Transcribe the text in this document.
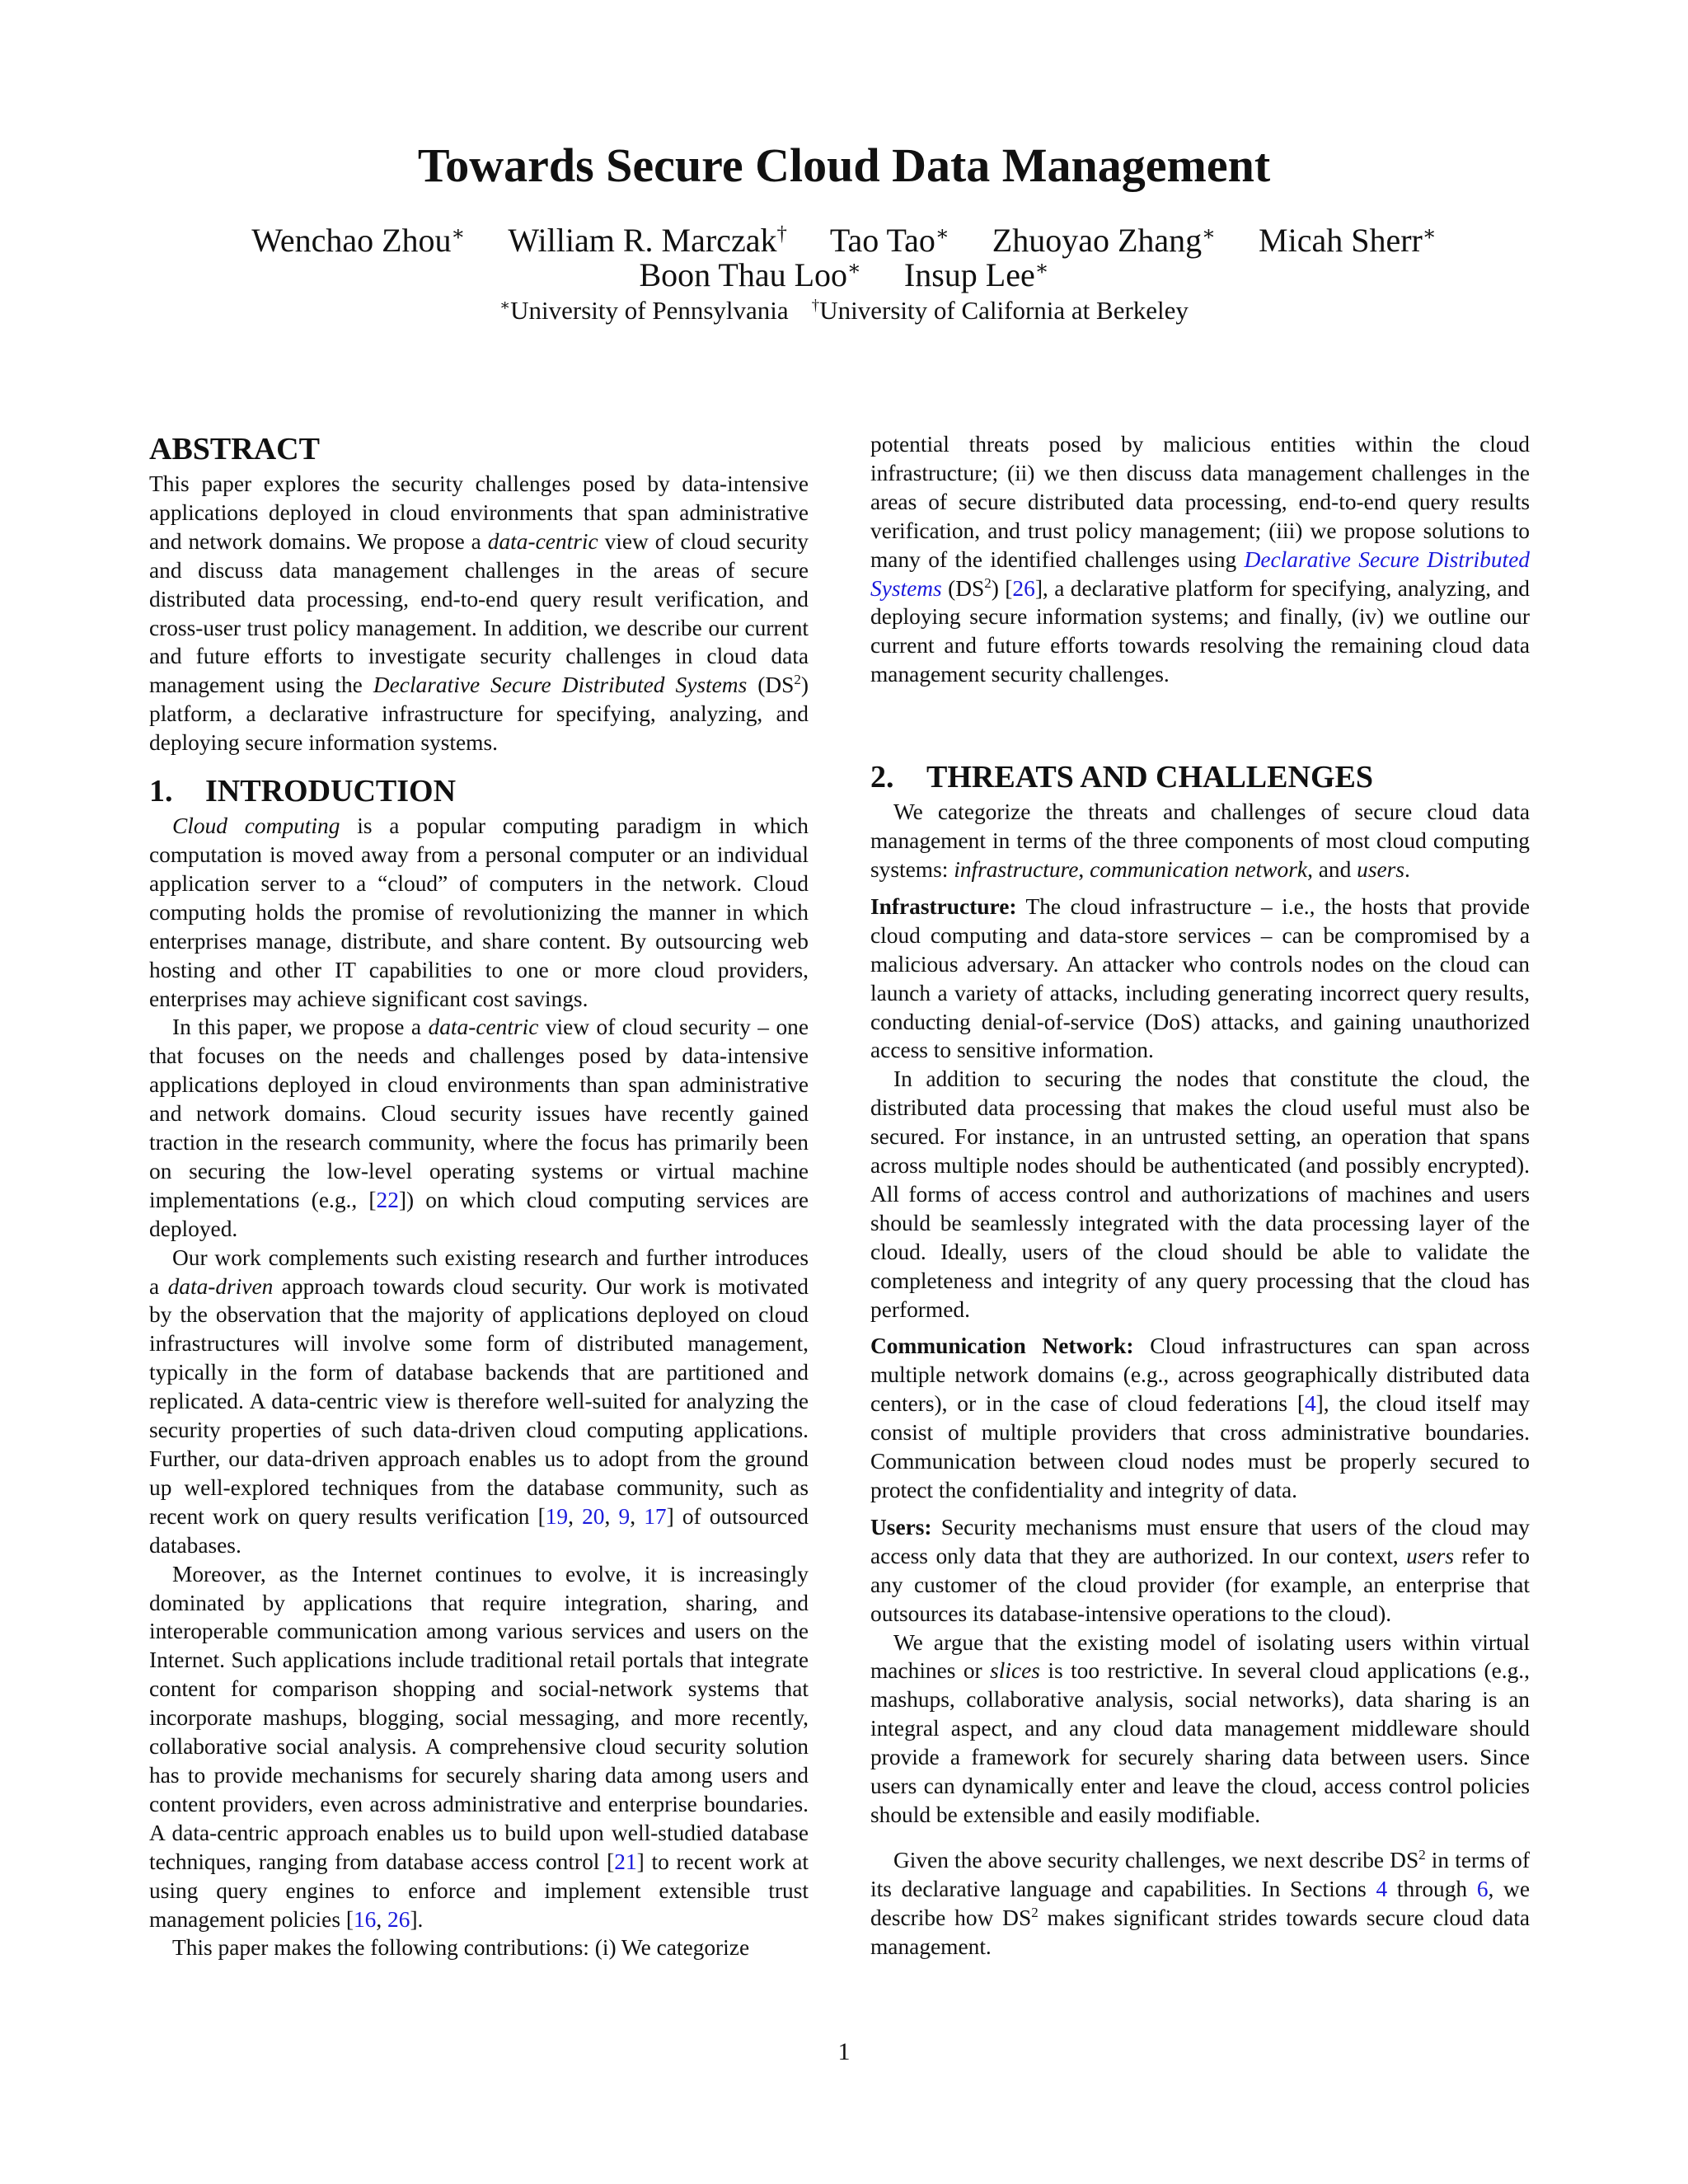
Towards Secure Cloud Data Management
Wenchao Zhou∗ William R. Marczak† Tao Tao∗ Zhuoyao Zhang∗ Micah Sherr∗
Boon Thau Loo∗ Insup Lee∗
∗University of Pennsylvania †University of California at Berkeley
ABSTRACT

This paper explores the security challenges posed by data-intensive applications deployed in cloud environments that span administrative and network domains. We propose a data-centric view of cloud security and discuss data management challenges in the areas of secure distributed data processing, end-to-end query result verification, and cross-user trust policy management. In addition, we describe our current and future efforts to investigate security challenges in cloud data management using the Declarative Secure Distributed Systems $(DS^2)$ platform, a declarative infrastructure for specifying, analyzing, and deploying secure information systems.

1. INTRODUCTION

Cloud computing is a popular computing paradigm in which computation is moved away from a personal computer or an individual application server to a “cloud” of computers in the network. Cloud computing holds the promise of revolutionizing the manner in which enterprises manage, distribute, and share content. By outsourcing web hosting and other IT capabilities to one or more cloud providers, enterprises may achieve significant cost savings.

In this paper, we propose a data-centric view of cloud security – one that focuses on the needs and challenges posed by data-intensive applications deployed in cloud environments than span administrative and network domains. Cloud security issues have recently gained traction in the research community, where the focus has primarily been on securing the low-level operating systems or virtual machine implementations (e.g., [22]) on which cloud computing services are deployed.

Our work complements such existing research and further introduces a data-driven approach towards cloud security. Our work is motivated by the observation that the majority of applications deployed on cloud infrastructures will involve some form of distributed management, typically in the form of database backends that are partitioned and replicated. A data-centric view is therefore well-suited for analyzing the security properties of such data-driven cloud computing applications. Further, our data-driven approach enables us to adopt from the ground up well-explored techniques from the database community, such as recent work on query results verification [19, 20, 9, 17] of outsourced databases.

Moreover, as the Internet continues to evolve, it is increasingly dominated by applications that require integration, sharing, and interoperable communication among various services and users on the Internet. Such applications include traditional retail portals that integrate content for comparison shopping and social-network systems that incorporate mashups, blogging, social messaging, and more recently, collaborative social analysis. A comprehensive cloud security solution has to provide mechanisms for securely sharing data among users and content providers, even across administrative and enterprise boundaries. A data-centric approach enables us to build upon well-studied database techniques, ranging from database access control [21] to recent work at using query engines to enforce and implement extensible trust management policies [16, 26].

This paper makes the following contributions: (i) We categorize

potential threats posed by malicious entities within the cloud infrastructure; (ii) we then discuss data management challenges in the areas of secure distributed data processing, end-to-end query results verification, and trust policy management; (iii) we propose solutions to many of the identified challenges using Declarative Secure Distributed Systems $(DS^2)$ [26], a declarative platform for specifying, analyzing, and deploying secure information systems; and finally, (iv) we outline our current and future efforts towards resolving the remaining cloud data management security challenges.

2. THREATS AND CHALLENGES

We categorize the threats and challenges of secure cloud data management in terms of the three components of most cloud computing systems: infrastructure, communication network, and users.

Infrastructure: The cloud infrastructure – i.e., the hosts that provide cloud computing and data-store services – can be compromised by a malicious adversary. An attacker who controls nodes on the cloud can launch a variety of attacks, including generating incorrect query results, conducting denial-of-service (DoS) attacks, and gaining unauthorized access to sensitive information.

In addition to securing the nodes that constitute the cloud, the distributed data processing that makes the cloud useful must also be secured. For instance, in an untrusted setting, an operation that spans across multiple nodes should be authenticated (and possibly encrypted). All forms of access control and authorizations of machines and users should be seamlessly integrated with the data processing layer of the cloud. Ideally, users of the cloud should be able to validate the completeness and integrity of any query processing that the cloud has performed.

Communication Network: Cloud infrastructures can span across multiple network domains (e.g., across geographically distributed data centers), or in the case of cloud federations [4], the cloud itself may consist of multiple providers that cross administrative boundaries. Communication between cloud nodes must be properly secured to protect the confidentiality and integrity of data.

Users: Security mechanisms must ensure that users of the cloud may access only data that they are authorized. In our context, users refer to any customer of the cloud provider (for example, an enterprise that outsources its database-intensive operations to the cloud).

We argue that the existing model of isolating users within virtual machines or slices is too restrictive. In several cloud applications (e.g., mashups, collaborative analysis, social networks), data sharing is an integral aspect, and any cloud data management middleware should provide a framework for securely sharing data between users. Since users can dynamically enter and leave the cloud, access control policies should be extensible and easily modifiable.

Given the above security challenges, we next describe $DS^2$ in terms of its declarative language and capabilities. In Sections 4 through 6, we describe how $DS^2$ makes significant strides towards secure cloud data management.

1
